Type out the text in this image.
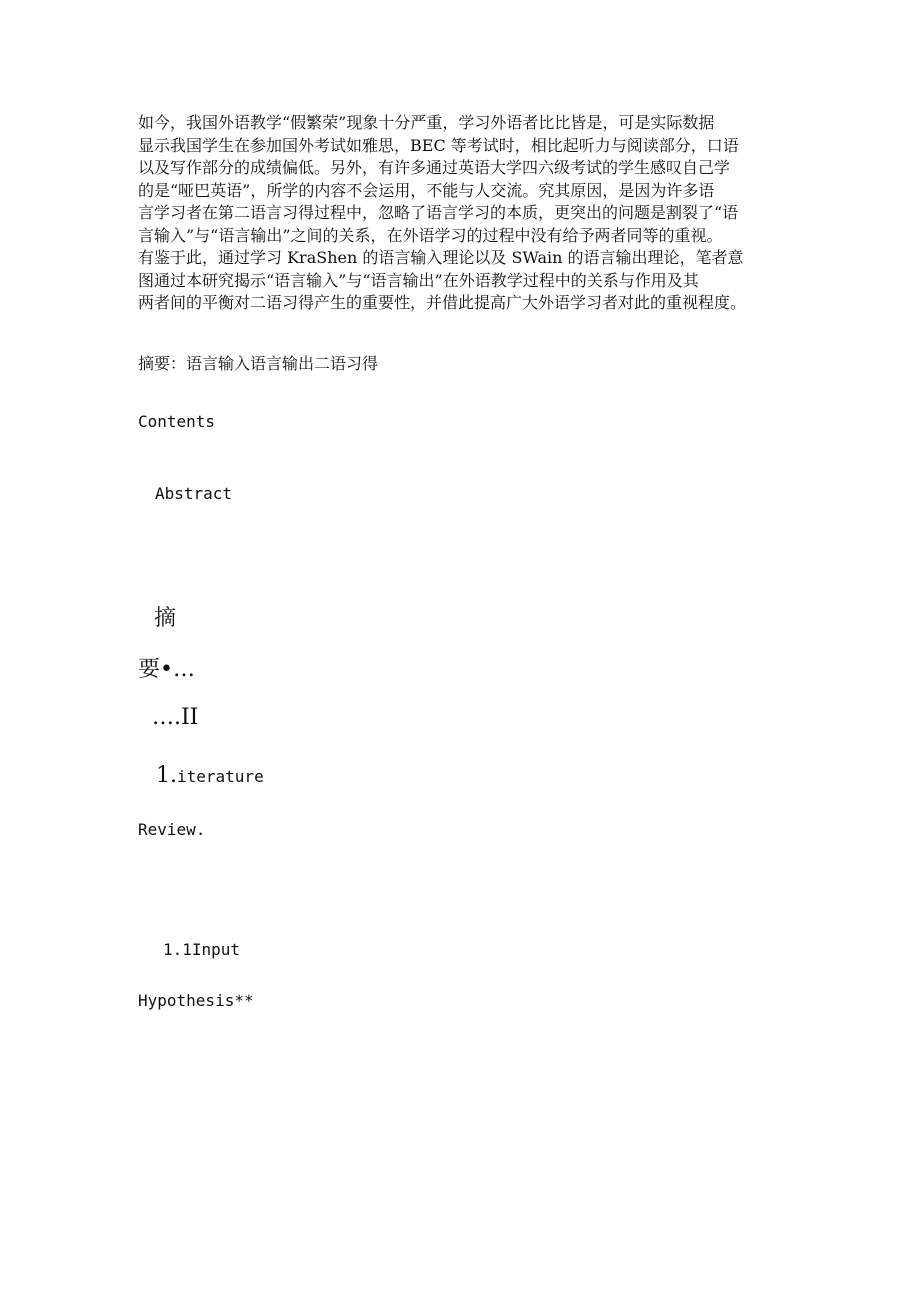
如今，我国外语教学“假繁荣”现象十分严重，学习外语者比比皆是，可是实际数据
显示我国学生在参加国外考试如雅思，BEC 等考试时，相比起听力与阅读部分，口语
以及写作部分的成绩偏低。另外，有许多通过英语大学四六级考试的学生感叹自己学
的是“哑巴英语”，所学的内容不会运用，不能与人交流。究其原因，是因为许多语
言学习者在第二语言习得过程中，忽略了语言学习的本质，更突出的问题是割裂了“语
言输入”与“语言输出”之间的关系，在外语学习的过程中没有给予两者同等的重视。
有鉴于此，通过学习 KraShen 的语言输入理论以及 SWain 的语言输出理论，笔者意
图通过本研究揭示“语言输入”与“语言输出”在外语教学过程中的关系与作用及其
两者间的平衡对二语习得产生的重要性，并借此提高广大外语学习者对此的重视程度。

摘要：语言输入语言输出二语习得

Contents

Abstract

摘

要•…

….II

1.iterature

Review.

1.1Input

Hypothesis**
